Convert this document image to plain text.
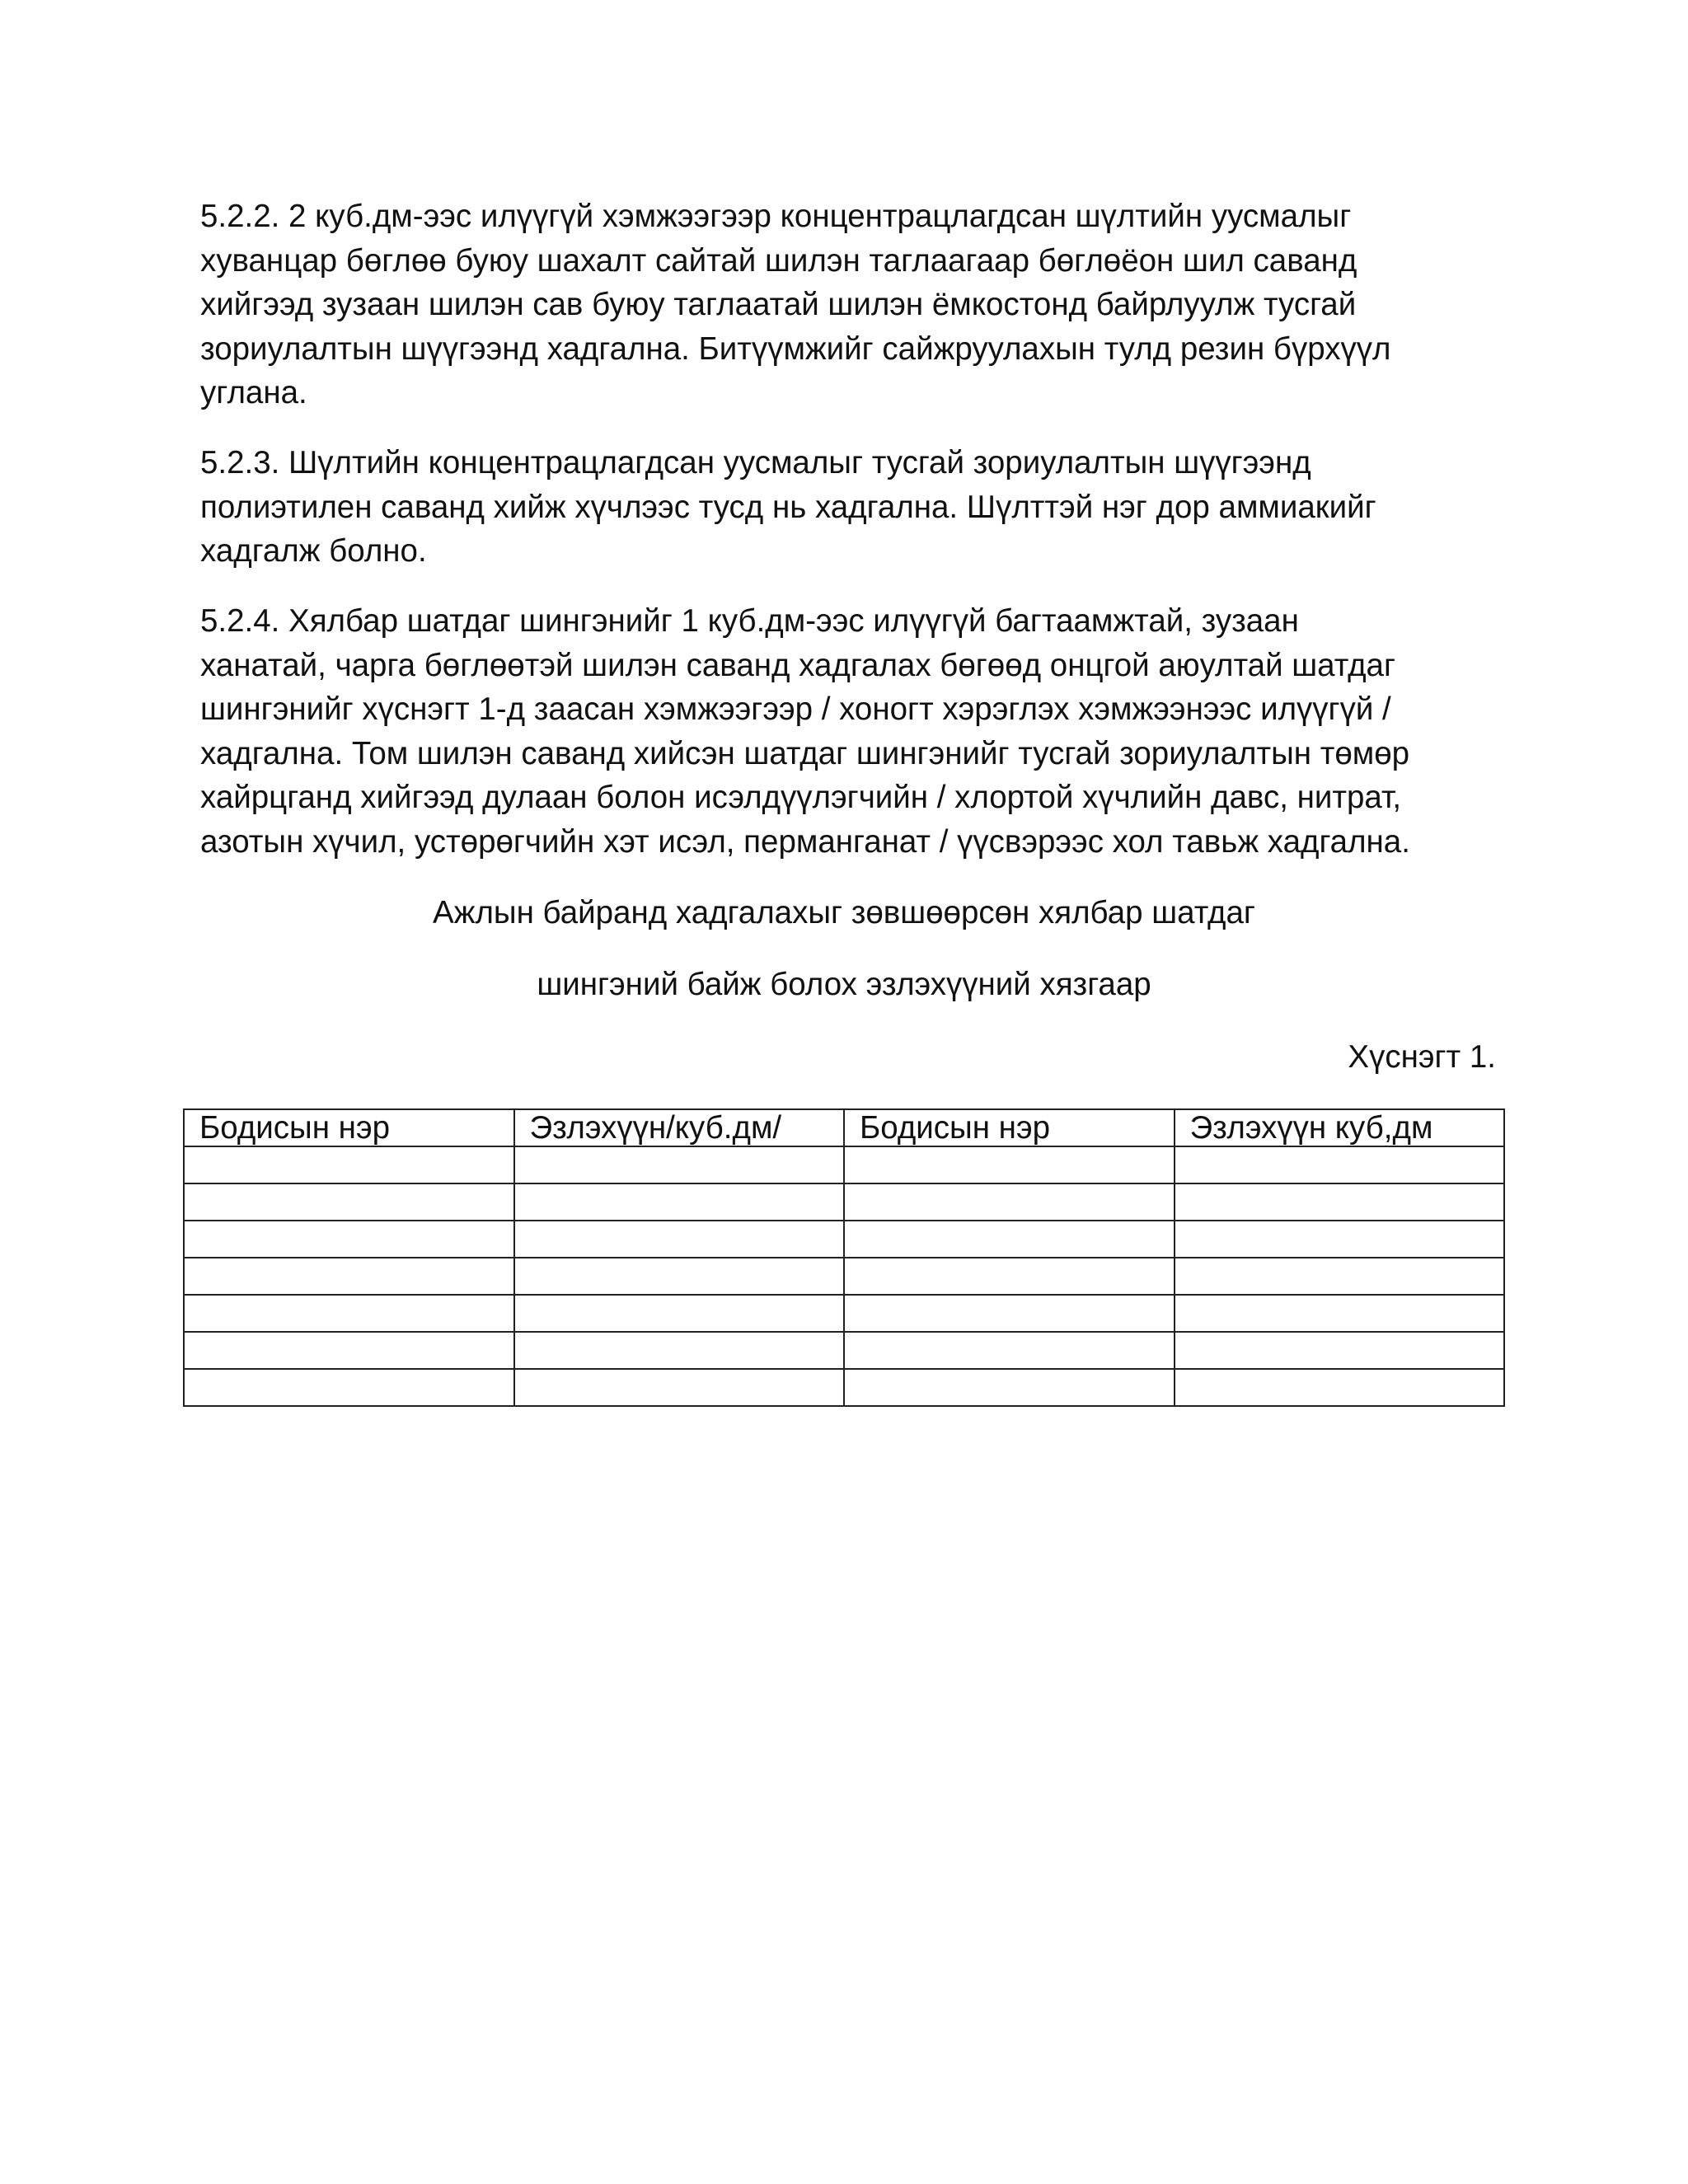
5.2.2. 2 куб.дм-ээс илүүгүй хэмжээгээр концентрацлагдсан шүлтийн уусмалыг
хуванцар бөглөө буюу шахалт сайтай шилэн таглаагаар бөглөёон шил саванд
хийгээд зузаан шилэн сав буюу таглаатай шилэн ёмкостонд байрлуулж тусгай
зориулалтын шүүгээнд хадгална. Битүүмжийг сайжруулахын тулд резин бүрхүүл
углана.

5.2.3. Шүлтийн концентрацлагдсан уусмалыг тусгай зориулалтын шүүгээнд
полиэтилен саванд хийж хүчлээс тусд нь хадгална. Шүлттэй нэг дор аммиакийг
хадгалж болно.

5.2.4. Хялбар шатдаг шингэнийг 1 куб.дм-ээс илүүгүй багтаамжтай, зузаан
ханатай, чарга бөглөөтэй шилэн саванд хадгалах бөгөөд онцгой аюултай шатдаг
шингэнийг хүснэгт 1-д заасан хэмжээгээр / хоногт хэрэглэх хэмжээнээс илүүгүй /
хадгална. Том шилэн саванд хийсэн шатдаг шингэнийг тусгай зориулалтын төмөр
хайрцганд хийгээд дулаан болон исэлдүүлэгчийн / хлортой хүчлийн давс, нитрат,
азотын хүчил, устөрөгчийн хэт исэл, перманганат / үүсвэрээс хол тавьж хадгална.

Ажлын байранд хадгалахыг зөвшөөрсөн хялбар шатдаг

шингэний байж болох эзлэхүүний хязгаар

Хүснэгт 1.

Бодисын нэр	Эзлэхүүн/куб.дм/	Бодисын нэр	Эзлэхүүн куб,дм
